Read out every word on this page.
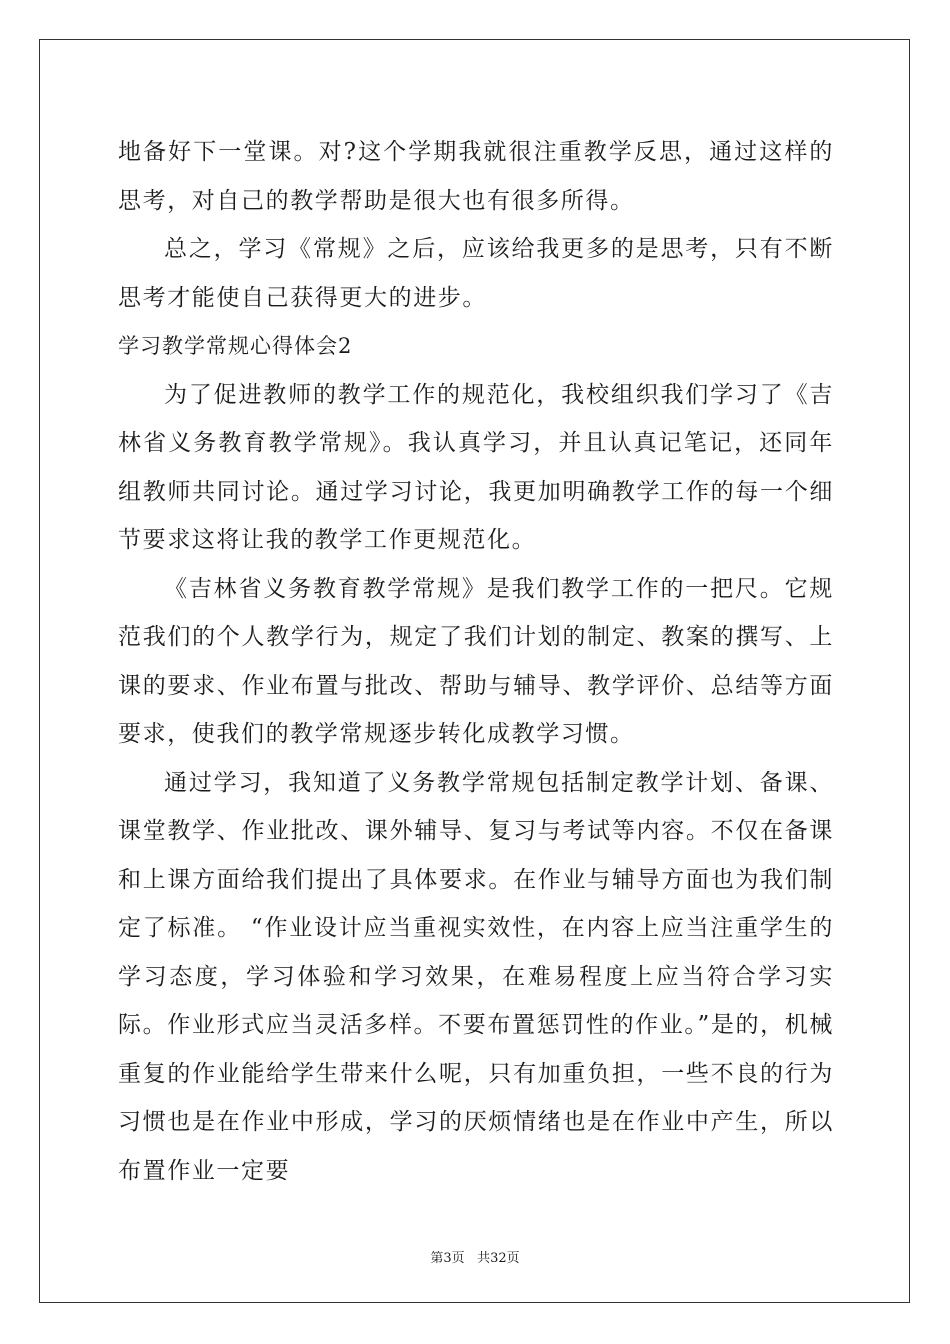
地备好下一堂课。对?这个学期我就很注重教学反思，通过这样的思考，对自己的教学帮助是很大也有很多所得。

总之，学习《常规》之后，应该给我更多的是思考，只有不断思考才能使自己获得更大的进步。

学习教学常规心得体会2

为了促进教师的教学工作的规范化，我校组织我们学习了《吉林省义务教育教学常规》。我认真学习，并且认真记笔记，还同年组教师共同讨论。通过学习讨论，我更加明确教学工作的每一个细节要求这将让我的教学工作更规范化。

《吉林省义务教育教学常规》是我们教学工作的一把尺。它规范我们的个人教学行为，规定了我们计划的制定、教案的撰写、上课的要求、作业布置与批改、帮助与辅导、教学评价、总结等方面要求，使我们的教学常规逐步转化成教学习惯。

通过学习，我知道了义务教学常规包括制定教学计划、备课、课堂教学、作业批改、课外辅导、复习与考试等内容。不仅在备课和上课方面给我们提出了具体要求。在作业与辅导方面也为我们制定了标准。 “作业设计应当重视实效性，在内容上应当注重学生的学习态度，学习体验和学习效果，在难易程度上应当符合学习实际。作业形式应当灵活多样。不要布置惩罚性的作业。”是的，机械重复的作业能给学生带来什么呢，只有加重负担，一些不良的行为习惯也是在作业中形成，学习的厌烦情绪也是在作业中产生，所以布置作业一定要

第3页 共32页
